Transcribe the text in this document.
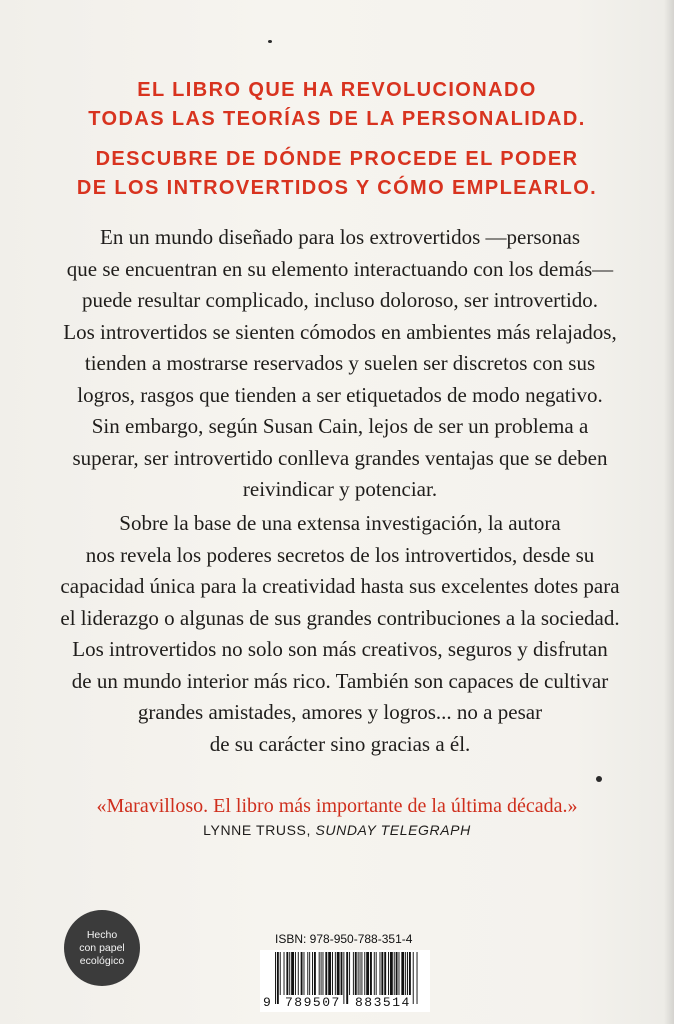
EL LIBRO QUE HA REVOLUCIONADO
TODAS LAS TEORÍAS DE LA PERSONALIDAD.
DESCUBRE DE DÓNDE PROCEDE EL PODER
DE LOS INTROVERTIDOS Y CÓMO EMPLEARLO.
En un mundo diseñado para los extrovertidos —personas
que se encuentran en su elemento interactuando con los demás—
puede resultar complicado, incluso doloroso, ser introvertido.
Los introvertidos se sienten cómodos en ambientes más relajados,
tienden a mostrarse reservados y suelen ser discretos con sus
logros, rasgos que tienden a ser etiquetados de modo negativo.
Sin embargo, según Susan Cain, lejos de ser un problema a
superar, ser introvertido conlleva grandes ventajas que se deben
reivindicar y potenciar.
Sobre la base de una extensa investigación, la autora
nos revela los poderes secretos de los introvertidos, desde su
capacidad única para la creatividad hasta sus excelentes dotes para
el liderazgo o algunas de sus grandes contribuciones a la sociedad.
Los introvertidos no solo son más creativos, seguros y disfrutan
de un mundo interior más rico. También son capaces de cultivar
grandes amistades, amores y logros... no a pesar
de su carácter sino gracias a él.
«Maravilloso. El libro más importante de la última década.»
LYNNE TRUSS, SUNDAY TELEGRAPH
Hecho
con papel
ecológico
ISBN: 978-950-788-351-4
9 789507 883514
